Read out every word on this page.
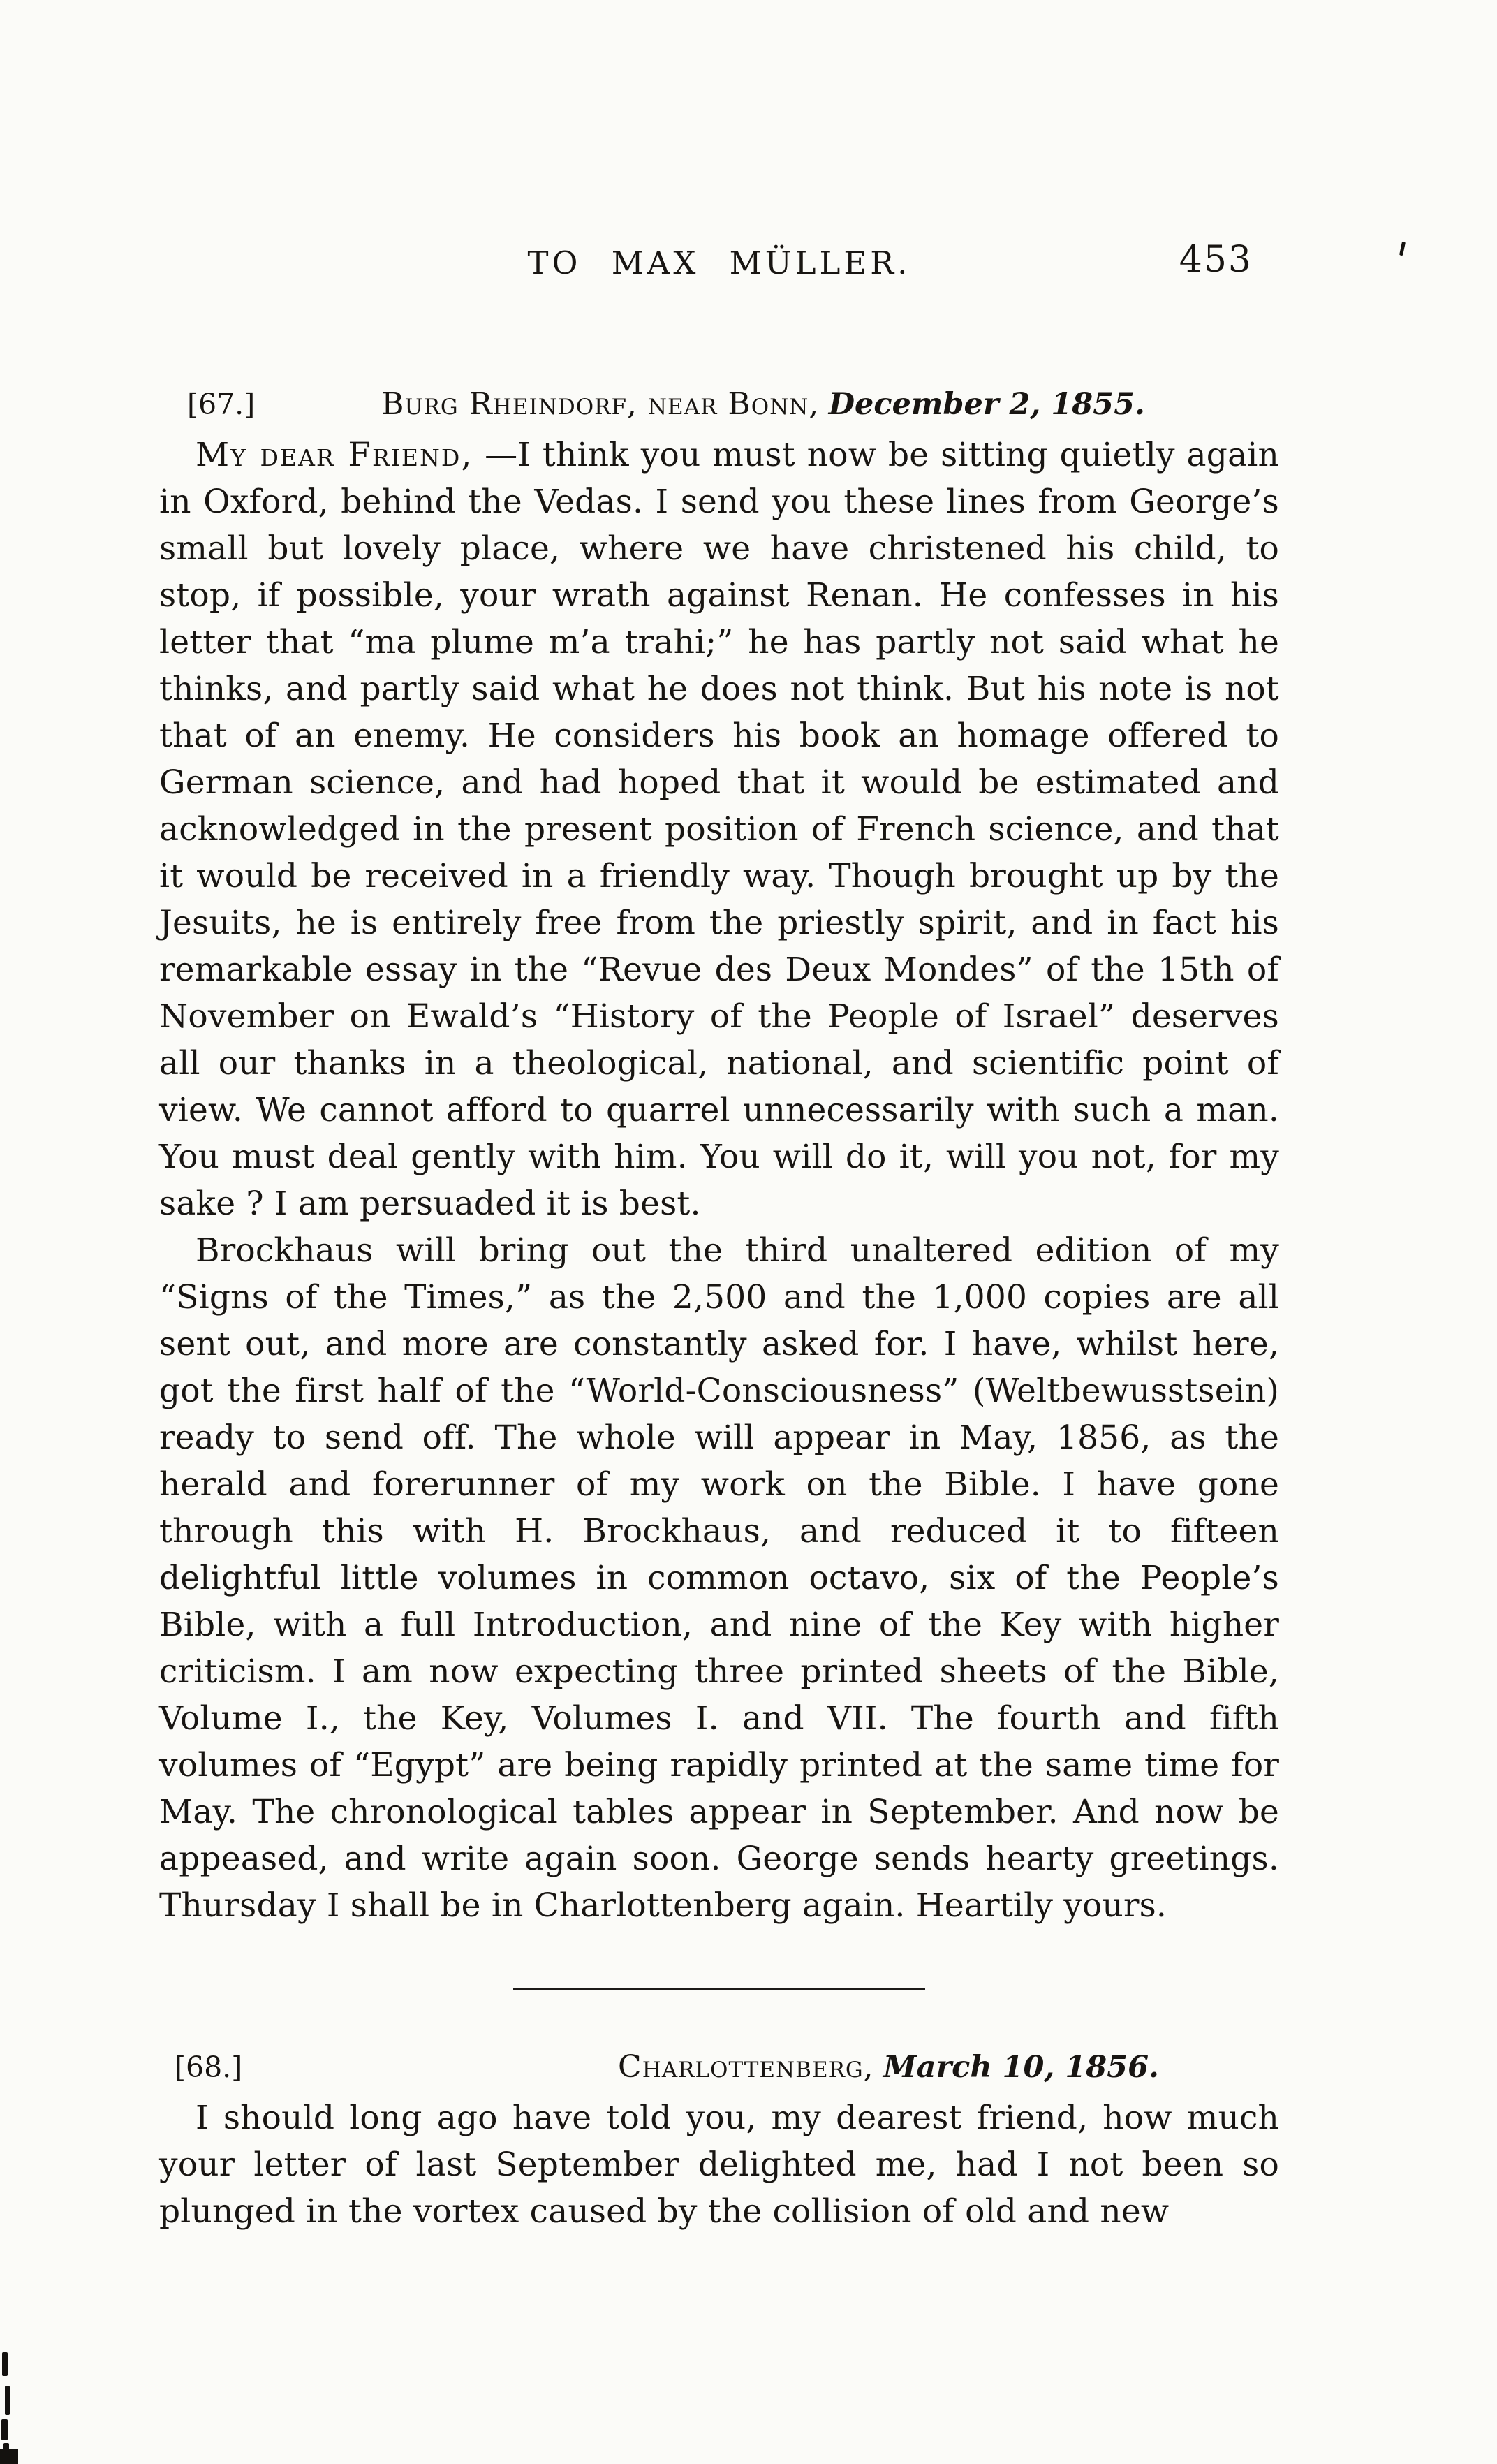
TO MAX MÜLLER.	453
[67.]	Burg Rheindorf, near Bonn, December 2, 1855.

My dear Friend, —I think you must now be sitting quietly again in Oxford, behind the Vedas. I send you these lines from George’s small but lovely place, where we have christened his child, to stop, if possible, your wrath against Renan. He confesses in his letter that “ma plume m’a trahi;” he has partly not said what he thinks, and partly said what he does not think. But his note is not that of an enemy. He considers his book an homage offered to German science, and had hoped that it would be estimated and acknowledged in the present position of French science, and that it would be received in a friendly way. Though brought up by the Jesuits, he is entirely free from the priestly spirit, and in fact his remarkable essay in the “Revue des Deux Mondes” of the 15th of November on Ewald’s “History of the People of Israel” deserves all our thanks in a theological, national, and scientific point of view. We cannot afford to quarrel unnecessarily with such a man. You must deal gently with him. You will do it, will you not, for my sake ? I am persuaded it is best.

Brockhaus will bring out the third unaltered edition of my “Signs of the Times,” as the 2,500 and the 1,000 copies are all sent out, and more are constantly asked for. I have, whilst here, got the first half of the “World-Consciousness” (Weltbewusstsein) ready to send off. The whole will appear in May, 1856, as the herald and forerunner of my work on the Bible. I have gone through this with H. Brockhaus, and reduced it to fifteen delightful little volumes in common octavo, six of the People’s Bible, with a full Introduction, and nine of the Key with higher criticism. I am now expecting three printed sheets of the Bible, Volume I., the Key, Volumes I. and VII. The fourth and fifth volumes of “Egypt” are being rapidly printed at the same time for May. The chronological tables appear in September. And now be appeased, and write again soon. George sends hearty greetings. Thursday I shall be in Charlottenberg again. Heartily yours.

[68.]	Charlottenberg, March 10, 1856.

I should long ago have told you, my dearest friend, how much your letter of last September delighted me, had I not been so plunged in the vortex caused by the collision of old and new
